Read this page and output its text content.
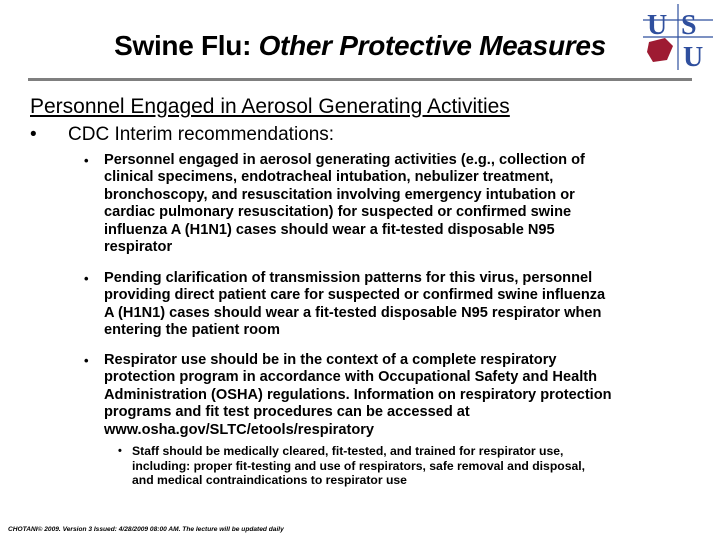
U S
U
Swine Flu: Other Protective Measures
Personnel Engaged in Aerosol Generating Activities
• CDC Interim recommendations:
• Personnel engaged in aerosol generating activities (e.g., collection of
clinical specimens, endotracheal intubation, nebulizer treatment,
bronchoscopy, and resuscitation involving emergency intubation or
cardiac pulmonary resuscitation) for suspected or confirmed swine
influenza A (H1N1) cases should wear a fit-tested disposable N95
respirator
• Pending clarification of transmission patterns for this virus, personnel
providing direct patient care for suspected or confirmed swine influenza
A (H1N1) cases should wear a fit-tested disposable N95 respirator when
entering the patient room
• Respirator use should be in the context of a complete respiratory
protection program in accordance with Occupational Safety and Health
Administration (OSHA) regulations. Information on respiratory protection
programs and fit test procedures can be accessed at
www.osha.gov/SLTC/etools/respiratory
• Staff should be medically cleared, fit-tested, and trained for respirator use,
including: proper fit-testing and use of respirators, safe removal and disposal,
and medical contraindications to respirator use
CHOTANI© 2009. Version 3 Issued: 4/28/2009 08:00 AM. The lecture will be updated daily
